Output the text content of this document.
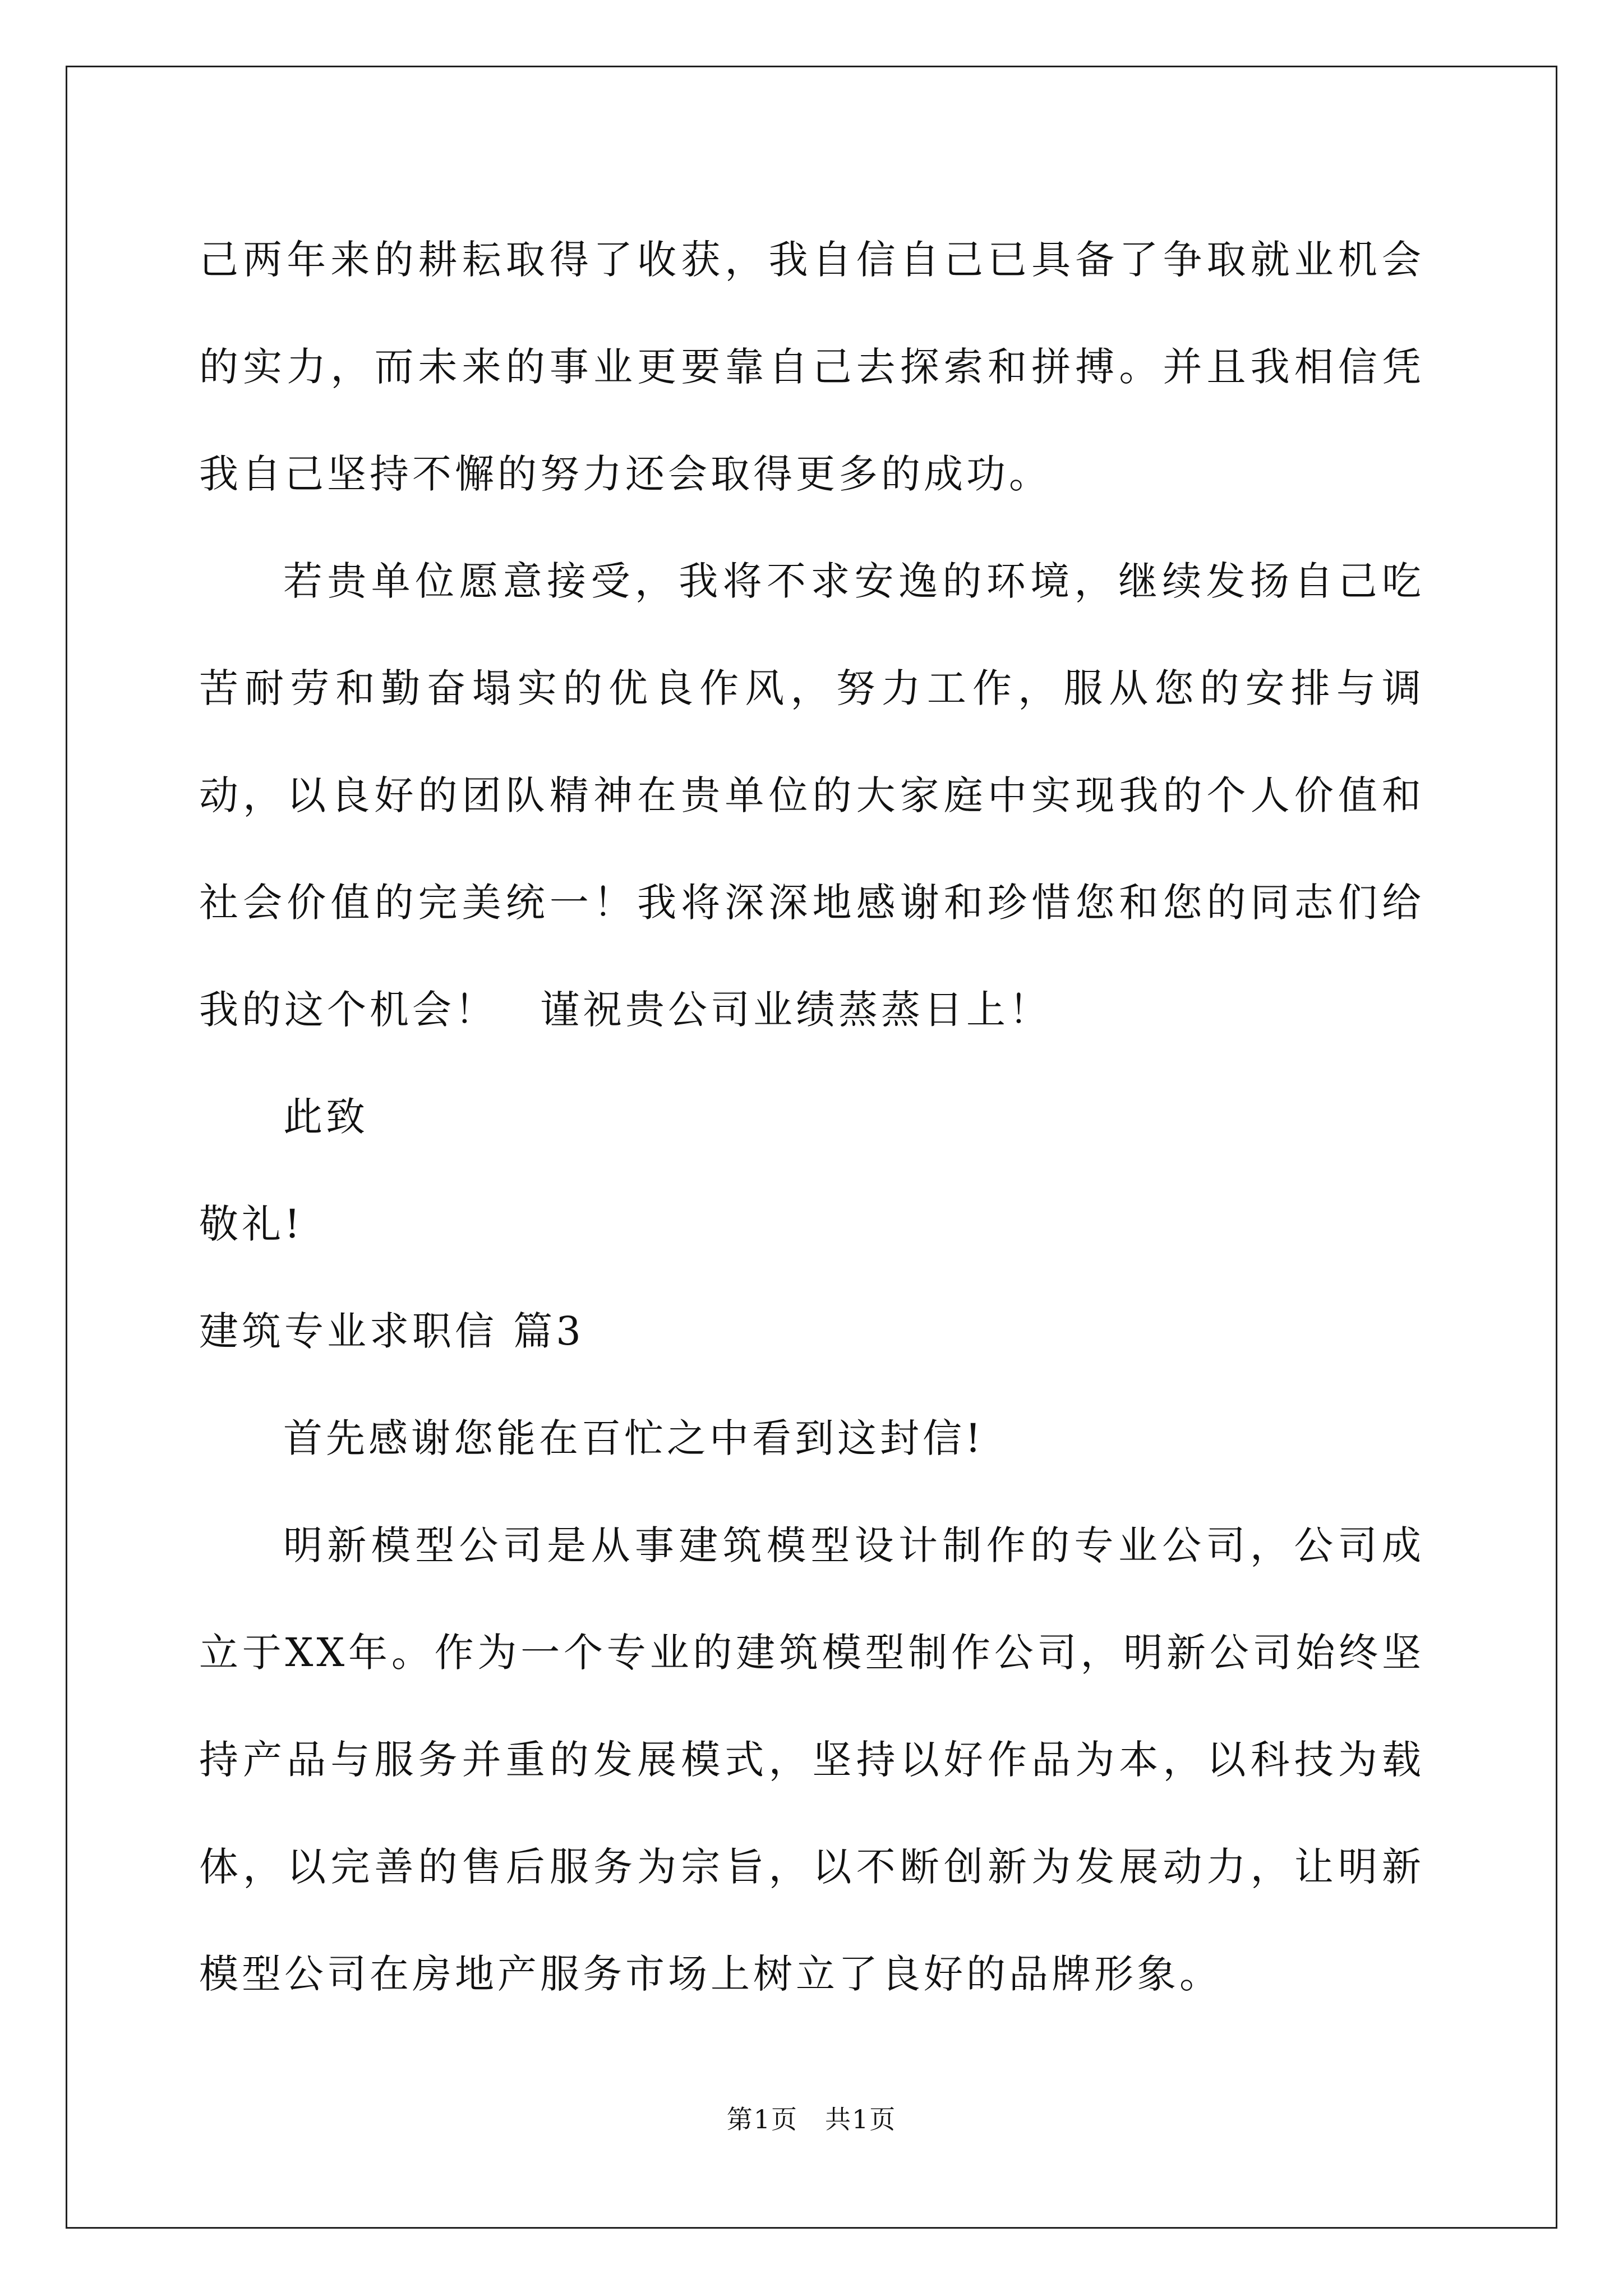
己两年来的耕耘取得了收获，我自信自己已具备了争取就业机会的实力，而未来的事业更要靠自己去探索和拼搏。并且我相信凭我自己坚持不懈的努力还会取得更多的成功。

若贵单位愿意接受，我将不求安逸的环境，继续发扬自己吃苦耐劳和勤奋塌实的优良作风，努力工作，服从您的安排与调动，以良好的团队精神在贵单位的大家庭中实现我的个人价值和社会价值的完美统一！我将深深地感谢和珍惜您和您的同志们给我的这个机会！　谨祝贵公司业绩蒸蒸日上！

此致

敬礼!

建筑专业求职信 篇3

首先感谢您能在百忙之中看到这封信!

明新模型公司是从事建筑模型设计制作的专业公司，公司成立于XX年。作为一个专业的建筑模型制作公司，明新公司始终坚持产品与服务并重的发展模式，坚持以好作品为本，以科技为载体，以完善的售后服务为宗旨，以不断创新为发展动力，让明新模型公司在房地产服务市场上树立了良好的品牌形象。

第1页　共1页
